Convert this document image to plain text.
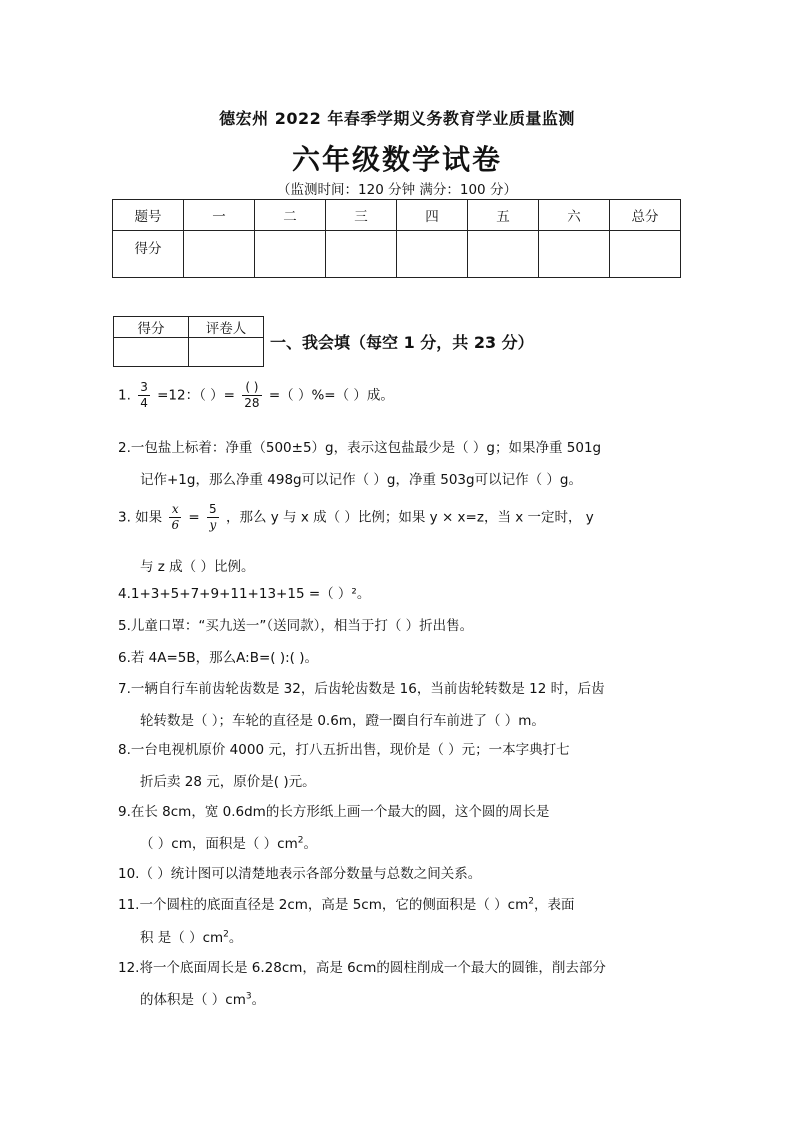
德宏州 2022 年春季学期义务教育学业质量监测
六年级数学试卷
（监测时间：120 分钟 满分：100 分）
题号	一	二	三	四	五	六	总分
得分							
得分	评卷人

一、我会填（每空 1 分，共 23 分）
1. $\frac{3}{4} =12$：（ ）= $\frac{( )}{28}$ =（ ）%=（ ）成。
2.一包盐上标着：净重（500±5）g，表示这包盐最少是（ ）g；如果净重 501g
记作+1g，那么净重 498g可以记作（ ）g，净重 503g可以记作（ ）g。
3. 如果 $\frac{x}{6} = \frac{5}{y}$ ，那么 y 与 x 成（ ）比例；如果 y × x=z，当 x 一定时， y
与 z 成（ ）比例。
4.1+3+5+7+9+11+13+15 =（ ）²。
5.儿童口罩：“买九送一”（送同款），相当于打（ ）折出售。
6.若 4A=5B，那么A:B=( ):( )。
7.一辆自行车前齿轮齿数是 32，后齿轮齿数是 16，当前齿轮转数是 12 时，后齿
轮转数是（ ）；车轮的直径是 0.6m，蹬一圈自行车前进了（ ）m。
8.一台电视机原价 4000 元，打八五折出售，现价是（ ）元；一本字典打七
折后卖 28 元，原价是( )元。
9.在长 8cm，宽 0.6dm的长方形纸上画一个最大的圆，这个圆的周长是
（ ）cm，面积是（ ）$cm^2$。
10.（ ）统计图可以清楚地表示各部分数量与总数之间关系。
11.一个圆柱的底面直径是 2cm，高是 5cm，它的侧面积是（ ）$cm^2$，表面
积 是（ ）$cm^2$。
12.将一个底面周长是 6.28cm，高是 6cm的圆柱削成一个最大的圆锥，削去部分
的体积是（ ）$cm^3$。
